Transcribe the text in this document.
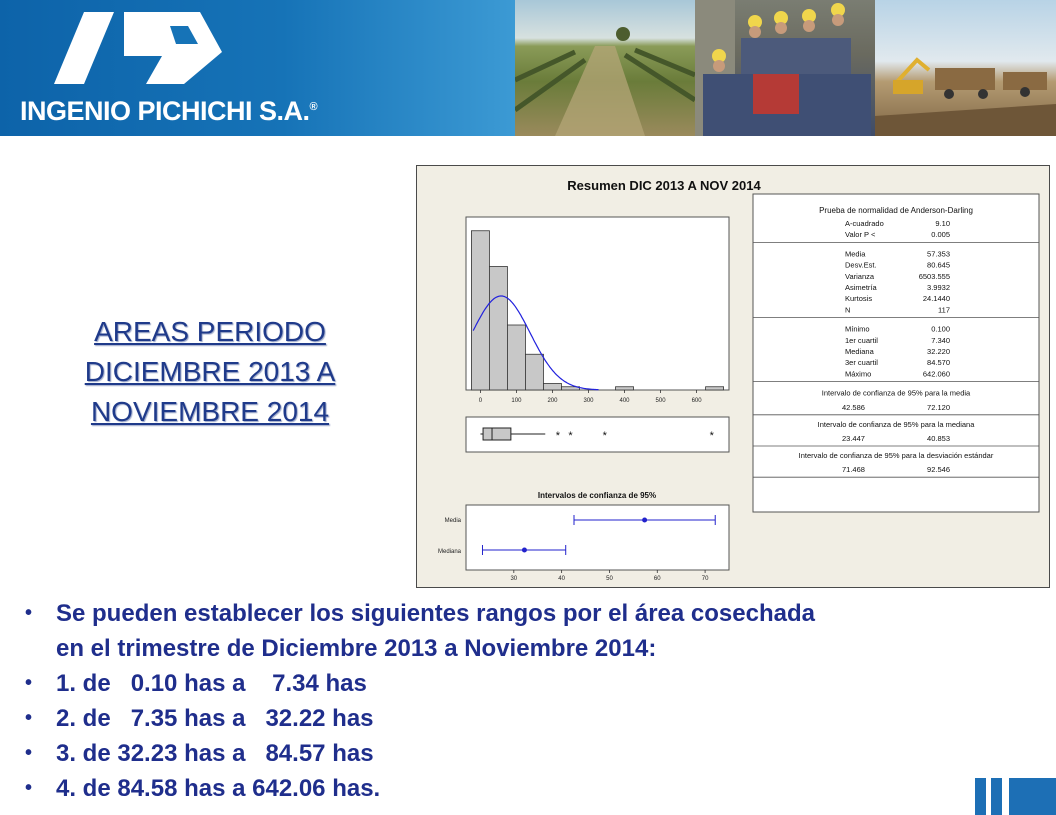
INGENIO PICHICHI S.A.®
AREAS PERIODO
DICIEMBRE 2013 A
NOVIEMBRE 2014
Resumen DIC 2013 A NOV 2014
0	100	200	300	400	500	600
* *	*	*
Intervalos de confianza de 95%
Media
Mediana
30	40	50	60	70
Prueba de normalidad de Anderson-Darling
A-cuadrado	9.10
Valor P <	0.005
Media	57.353
Desv.Est.	80.645
Varianza	6503.555
Asimetría	3.9932
Kurtosis	24.1440
N	117
Mínimo	0.100
1er cuartil	7.340
Mediana	32.220
3er cuartil	84.570
Máximo	642.060
Intervalo de confianza de 95% para la media
42.586	72.120
Intervalo de confianza de 95% para la mediana
23.447	40.853
Intervalo de confianza de 95% para la desviación estándar
71.468	92.546
• Se pueden establecer los siguientes rangos por el área cosechada
en el trimestre de Diciembre 2013 a Noviembre 2014:
• 1. de   0.10 has a    7.34 has
• 2. de   7.35 has a   32.22 has
• 3. de 32.23 has a   84.57 has
• 4. de 84.58 has a 642.06 has.
